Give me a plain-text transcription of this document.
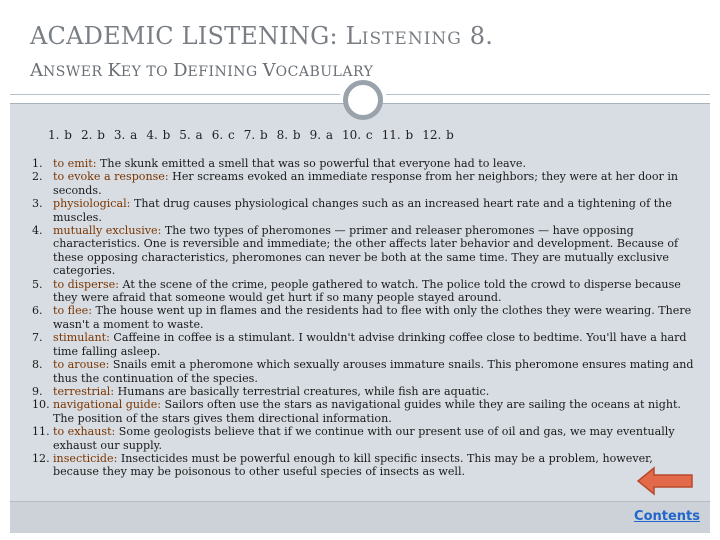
ACADEMIC LISTENING: LISTENING 8.
ANSWER KEY TO DEFINING VOCABULARY
1. b 2. b 3. a 4. b 5. a 6. c 7. b 8. b 9. a 10. c 11. b 12. b
1. to emit: The skunk emitted a smell that was so powerful that everyone had to leave.
2. to evoke a response: Her screams evoked an immediate response from her neighbors; they were at her door in seconds.
3. physiological: That drug causes physiological changes such as an increased heart rate and a tightening of the muscles.
4. mutually exclusive: The two types of pheromones — primer and releaser pheromones — have opposing characteristics. One is reversible and immediate; the other affects later behavior and development. Because of these opposing characteristics, pheromones can never be both at the same time. They are mutually exclusive categories.
5. to disperse: At the scene of the crime, people gathered to watch. The police told the crowd to disperse because they were afraid that someone would get hurt if so many people stayed around.
6. to flee: The house went up in flames and the residents had to flee with only the clothes they were wearing. There wasn't a moment to waste.
7. stimulant: Caffeine in coffee is a stimulant. I wouldn't advise drinking coffee close to bedtime. You'll have a hard time falling asleep.
8. to arouse: Snails emit a pheromone which sexually arouses immature snails. This pheromone ensures mating and thus the continuation of the species.
9. terrestrial: Humans are basically terrestrial creatures, while fish are aquatic.
10. navigational guide: Sailors often use the stars as navigational guides while they are sailing the oceans at night. The position of the stars gives them directional information.
11. to exhaust: Some geologists believe that if we continue with our present use of oil and gas, we may eventually exhaust our supply.
12. insecticide: Insecticides must be powerful enough to kill specific insects. This may be a problem, however, because they may be poisonous to other useful species of insects as well.
Contents
